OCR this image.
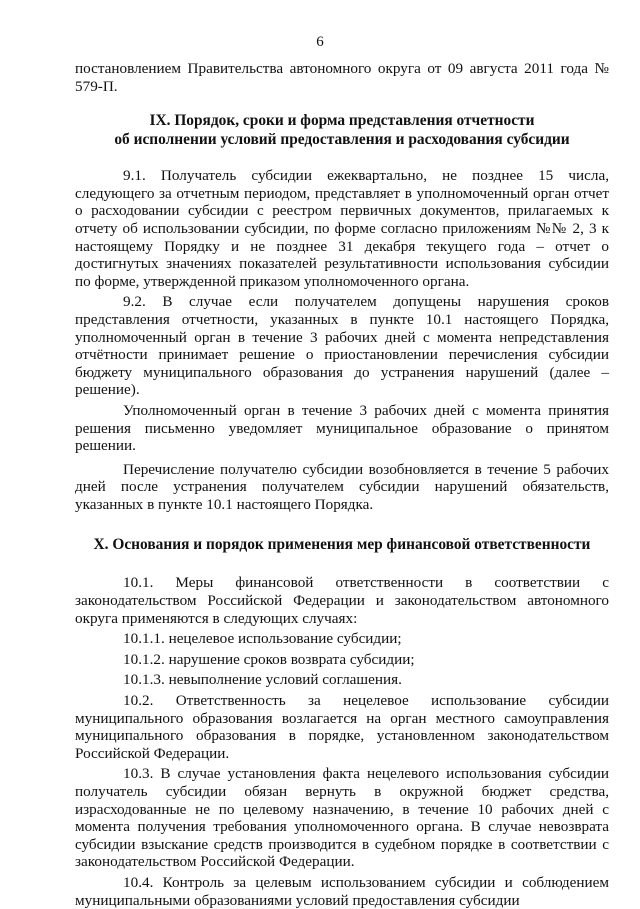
6

постановлением Правительства автономного округа от 09 августа 2011 года № 579-П.

IX. Порядок, сроки и форма представления отчетности
об исполнении условий предоставления и расходования субсидии

9.1. Получатель субсидии ежеквартально, не позднее 15 числа, следующего за отчетным периодом, представляет в уполномоченный орган отчет о расходовании субсидии с реестром первичных документов, прилагаемых к отчету об использовании субсидии, по форме согласно приложениям №№ 2, 3 к настоящему Порядку и не позднее 31 декабря текущего года – отчет о достигнутых значениях показателей результативности использования субсидии по форме, утвержденной приказом уполномоченного органа.

9.2. В случае если получателем допущены нарушения сроков представления отчетности, указанных в пункте 10.1 настоящего Порядка, уполномоченный орган в течение 3 рабочих дней с момента непредставления отчётности принимает решение о приостановлении перечисления субсидии бюджету муниципального образования до устранения нарушений (далее – решение).

Уполномоченный орган в течение 3 рабочих дней с момента принятия решения письменно уведомляет муниципальное образование о принятом решении.

Перечисление получателю субсидии возобновляется в течение 5 рабочих дней после устранения получателем субсидии нарушений обязательств, указанных в пункте 10.1 настоящего Порядка.

X. Основания и порядок применения мер финансовой ответственности

10.1. Меры финансовой ответственности в соответствии с законодательством Российской Федерации и законодательством автономного округа применяются в следующих случаях:

10.1.1. нецелевое использование субсидии;

10.1.2. нарушение сроков возврата субсидии;

10.1.3. невыполнение условий соглашения.

10.2. Ответственность за нецелевое использование субсидии муниципального образования возлагается на орган местного самоуправления муниципального образования в порядке, установленном законодательством Российской Федерации.

10.3. В случае установления факта нецелевого использования субсидии получатель субсидии обязан вернуть в окружной бюджет средства, израсходованные не по целевому назначению, в течение 10 рабочих дней с момента получения требования уполномоченного органа. В случае невозврата субсидии взыскание средств производится в судебном порядке в соответствии с законодательством Российской Федерации.

10.4. Контроль за целевым использованием субсидии и соблюдением муниципальными образованиями условий предоставления субсидии
